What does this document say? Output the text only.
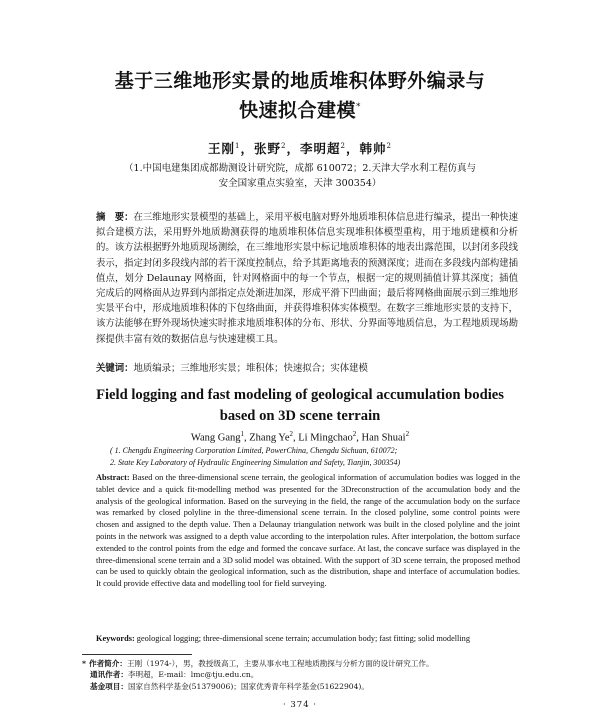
基于三维地形实景的地质堆积体野外编录与
快速拟合建模*
王刚$^1$，张野$^2$，李明超$^2$，韩帅$^2$
（1.中国电建集团成都勘测设计研究院，成都 610072；2.天津大学水利工程仿真与
安全国家重点实验室，天津 300354）
摘　要：在三维地形实景模型的基础上，采用平板电脑对野外地质堆积体信息进行编录，提出一种快速拟合建模方法，采用野外地质勘测获得的地质堆积体信息实现堆积体模型重构，用于地质建模和分析的。该方法根据野外地质现场测绘，在三维地形实景中标记地质堆积体的地表出露范围，以封闭多段线表示，指定封闭多段线内部的若干深度控制点，给予其距离地表的预测深度；进而在多段线内部构建插值点，划分 Delaunay 网格面，针对网格面中的每一个节点，根据一定的规则插值计算其深度；插值完成后的网格面从边界到内部指定点处渐进加深，形成平滑下凹曲面；最后将网格曲面展示到三维地形实景平台中，形成地质堆积体的下包络曲面，并获得堆积体实体模型。在数字三维地形实景的支持下，该方法能够在野外现场快速实时推求地质堆积体的分布、形状、分界面等地质信息，为工程地质现场勘探提供丰富有效的数据信息与快速建模工具。
关键词：地质编录；三维地形实景；堆积体；快速拟合；实体建模
Field logging and fast modeling of geological accumulation bodies
based on 3D scene terrain
Wang Gang$^1$, Zhang Ye$^2$, Li Mingchao$^2$, Han Shuai$^2$
( 1. Chengdu Engineering Corporation Limited, PowerChina, Chengdu Sichuan, 610072;
2. State Key Laboratory of Hydraulic Engineering Simulation and Safety, Tianjin, 300354)
Abstract: Based on the three-dimensional scene terrain, the geological information of accumulation bodies was logged in the tablet device and a quick fit-modelling method was presented for the 3Dreconstruction of the accumulation body and the analysis of the geological information. Based on the surveying in the field, the range of the accumulation body on the surface was remarked by closed polyline in the three-dimensional scene terrain. In the closed polyline, some control points were chosen and assigned to the depth value. Then a Delaunay triangulation network was built in the closed polyline and the joint points in the network was assigned to a depth value according to the interpolation rules. After interpolation, the bottom surface extended to the control points from the edge and formed the concave surface. At last, the concave surface was displayed in the three-dimensional scene terrain and a 3D solid model was obtained. With the support of 3D scene terrain, the proposed method can be used to quickly obtain the geological information, such as the distribution, shape and interface of accumulation bodies. It could provide effective data and modelling tool for field surveying.
Keywords: geological logging; three-dimensional scene terrain; accumulation body; fast fitting; solid modelling
* 作者简介：王刚（1974-），男，教授级高工，主要从事水电工程地质勘探与分析方面的设计研究工作。
通讯作者：李明超，E-mail：lmc@tju.edu.cn。
基金项目：国家自然科学基金(51379006)；国家优秀青年科学基金(51622904)。
· 374 ·
